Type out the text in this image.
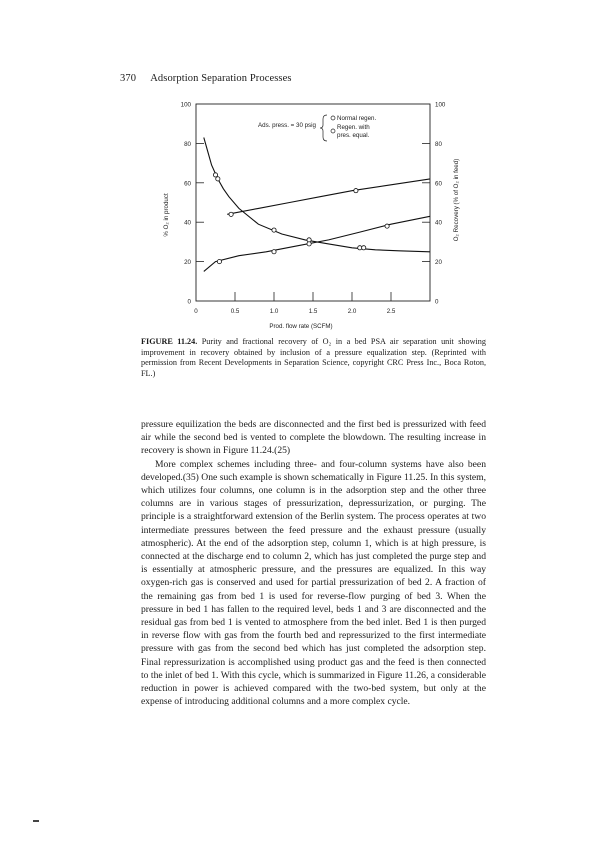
370 Adsorption Separation Processes
0	0.5	1.0	1.5	2.0	2.5
0	0
20	20
40	40
60	60
80	80
100	100
Ads. press. = 30 psig
Normal regen.
Regen. with pres. equal.
Prod. flow rate (SCFM)
% O₂ in product	O₂ Recovery (% of O₂ in feed)
FIGURE 11.24. Purity and fractional recovery of O₂ in a bed PSA air separation unit showing improvement in recovery obtained by inclusion of a pressure equalization step. (Reprinted with permission from Recent Developments in Separation Science, copyright CRC Press Inc., Boca Roton, FL.)

pressure equilization the beds are disconnected and the first bed is pressurized with feed air while the second bed is vented to complete the blowdown. The resulting increase in recovery is shown in Figure 11.24.(25)

More complex schemes including three- and four-column systems have also been developed.(35) One such example is shown schematically in Figure 11.25. In this system, which utilizes four columns, one column is in the adsorption step and the other three columns are in various stages of pressurization, depressurization, or purging. The principle is a straightforward extension of the Berlin system. The process operates at two intermediate pressures between the feed pressure and the exhaust pressure (usually atmospheric). At the end of the adsorption step, column 1, which is at high pressure, is connected at the discharge end to column 2, which has just completed the purge step and is essentially at atmospheric pressure, and the pressures are equalized. In this way oxygen-rich gas is conserved and used for partial pressurization of bed 2. A fraction of the remaining gas from bed 1 is used for reverse-flow purging of bed 3. When the pressure in bed 1 has fallen to the required level, beds 1 and 3 are disconnected and the residual gas from bed 1 is vented to atmosphere from the bed inlet. Bed 1 is then purged in reverse flow with gas from the fourth bed and repressurized to the first intermediate pressure with gas from the second bed which has just completed the adsorption step. Final repressurization is accomplished using product gas and the feed is then connected to the inlet of bed 1. With this cycle, which is summarized in Figure 11.26, a considerable reduction in power is achieved compared with the two-bed system, but only at the expense of introducing additional columns and a more complex cycle.
